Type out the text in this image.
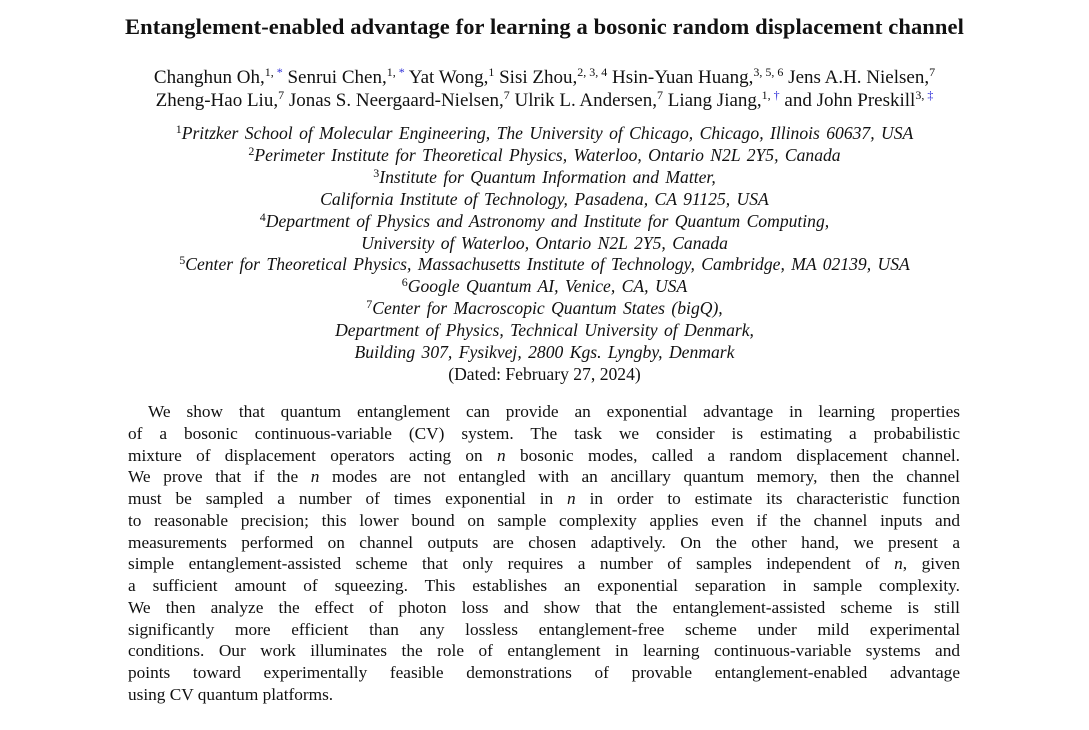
Entanglement-enabled advantage for learning a bosonic random displacement channel
Changhun Oh,$^{1, *}$ Senrui Chen,$^{1, *}$ Yat Wong,$^1$ Sisi Zhou,$^{2, 3, 4}$ Hsin-Yuan Huang,$^{3, 5, 6}$ Jens A.H. Nielsen,$^7$
Zheng-Hao Liu,$^7$ Jonas S. Neergaard-Nielsen,$^7$ Ulrik L. Andersen,$^7$ Liang Jiang,$^{1, \dagger}$ and John Preskill$^{3, \ddagger}$
$^1$Pritzker School of Molecular Engineering, The University of Chicago, Chicago, Illinois 60637, USA
$^2$Perimeter Institute for Theoretical Physics, Waterloo, Ontario N2L 2Y5, Canada
$^3$Institute for Quantum Information and Matter,
California Institute of Technology, Pasadena, CA 91125, USA
$^4$Department of Physics and Astronomy and Institute for Quantum Computing,
University of Waterloo, Ontario N2L 2Y5, Canada
$^5$Center for Theoretical Physics, Massachusetts Institute of Technology, Cambridge, MA 02139, USA
$^6$Google Quantum AI, Venice, CA, USA
$^7$Center for Macroscopic Quantum States (bigQ),
Department of Physics, Technical University of Denmark,
Building 307, Fysikvej, 2800 Kgs. Lyngby, Denmark
(Dated: February 27, 2024)
We show that quantum entanglement can provide an exponential advantage in learning properties
of a bosonic continuous-variable (CV) system. The task we consider is estimating a probabilistic
mixture of displacement operators acting on n bosonic modes, called a random displacement channel.
We prove that if the n modes are not entangled with an ancillary quantum memory, then the channel
must be sampled a number of times exponential in n in order to estimate its characteristic function
to reasonable precision; this lower bound on sample complexity applies even if the channel inputs and
measurements performed on channel outputs are chosen adaptively. On the other hand, we present a
simple entanglement-assisted scheme that only requires a number of samples independent of n, given
a sufficient amount of squeezing. This establishes an exponential separation in sample complexity.
We then analyze the effect of photon loss and show that the entanglement-assisted scheme is still
significantly more efficient than any lossless entanglement-free scheme under mild experimental
conditions. Our work illuminates the role of entanglement in learning continuous-variable systems and
points toward experimentally feasible demonstrations of provable entanglement-enabled advantage
using CV quantum platforms.
